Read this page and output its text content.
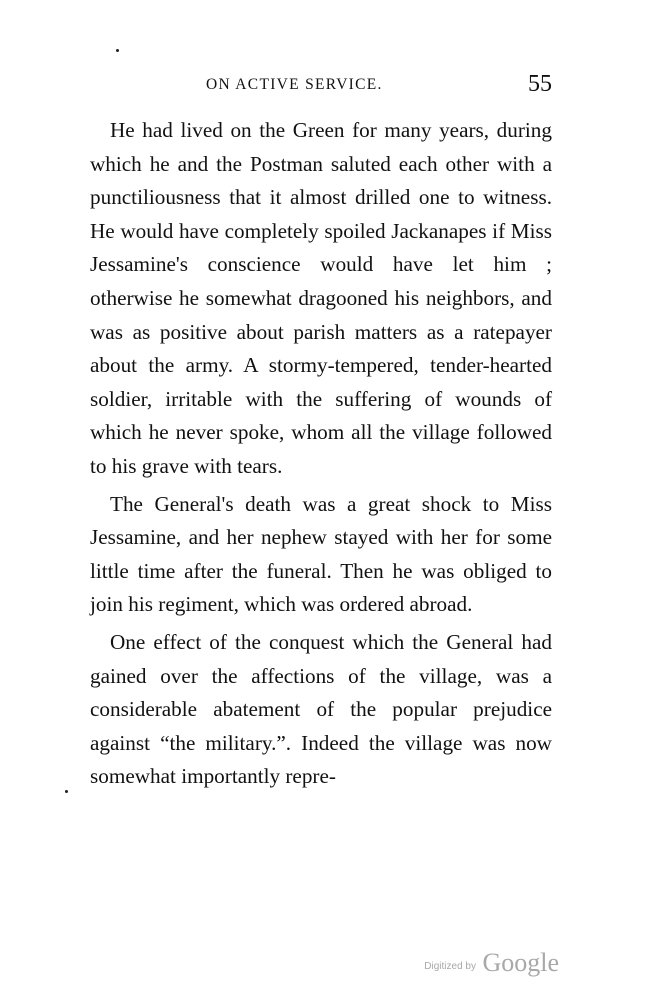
ON ACTIVE SERVICE.	55

He had lived on the Green for many years, during which he and the Postman saluted each other with a punctiliousness that it almost drilled one to witness. He would have completely spoiled Jackanapes if Miss Jessamine's conscience would have let him ; otherwise he somewhat dragooned his neighbors, and was as positive about parish matters as a ratepayer about the army. A stormy-tempered, tender-hearted soldier, irritable with the suffering of wounds of which he never spoke, whom all the village followed to his grave with tears.

The General's death was a great shock to Miss Jessamine, and her nephew stayed with her for some little time after the funeral. Then he was obliged to join his regiment, which was ordered abroad.

One effect of the conquest which the General had gained over the affections of the village, was a considerable abatement of the popular prejudice against “the military.”. Indeed the village was now somewhat importantly repre-

Digitized by Google
